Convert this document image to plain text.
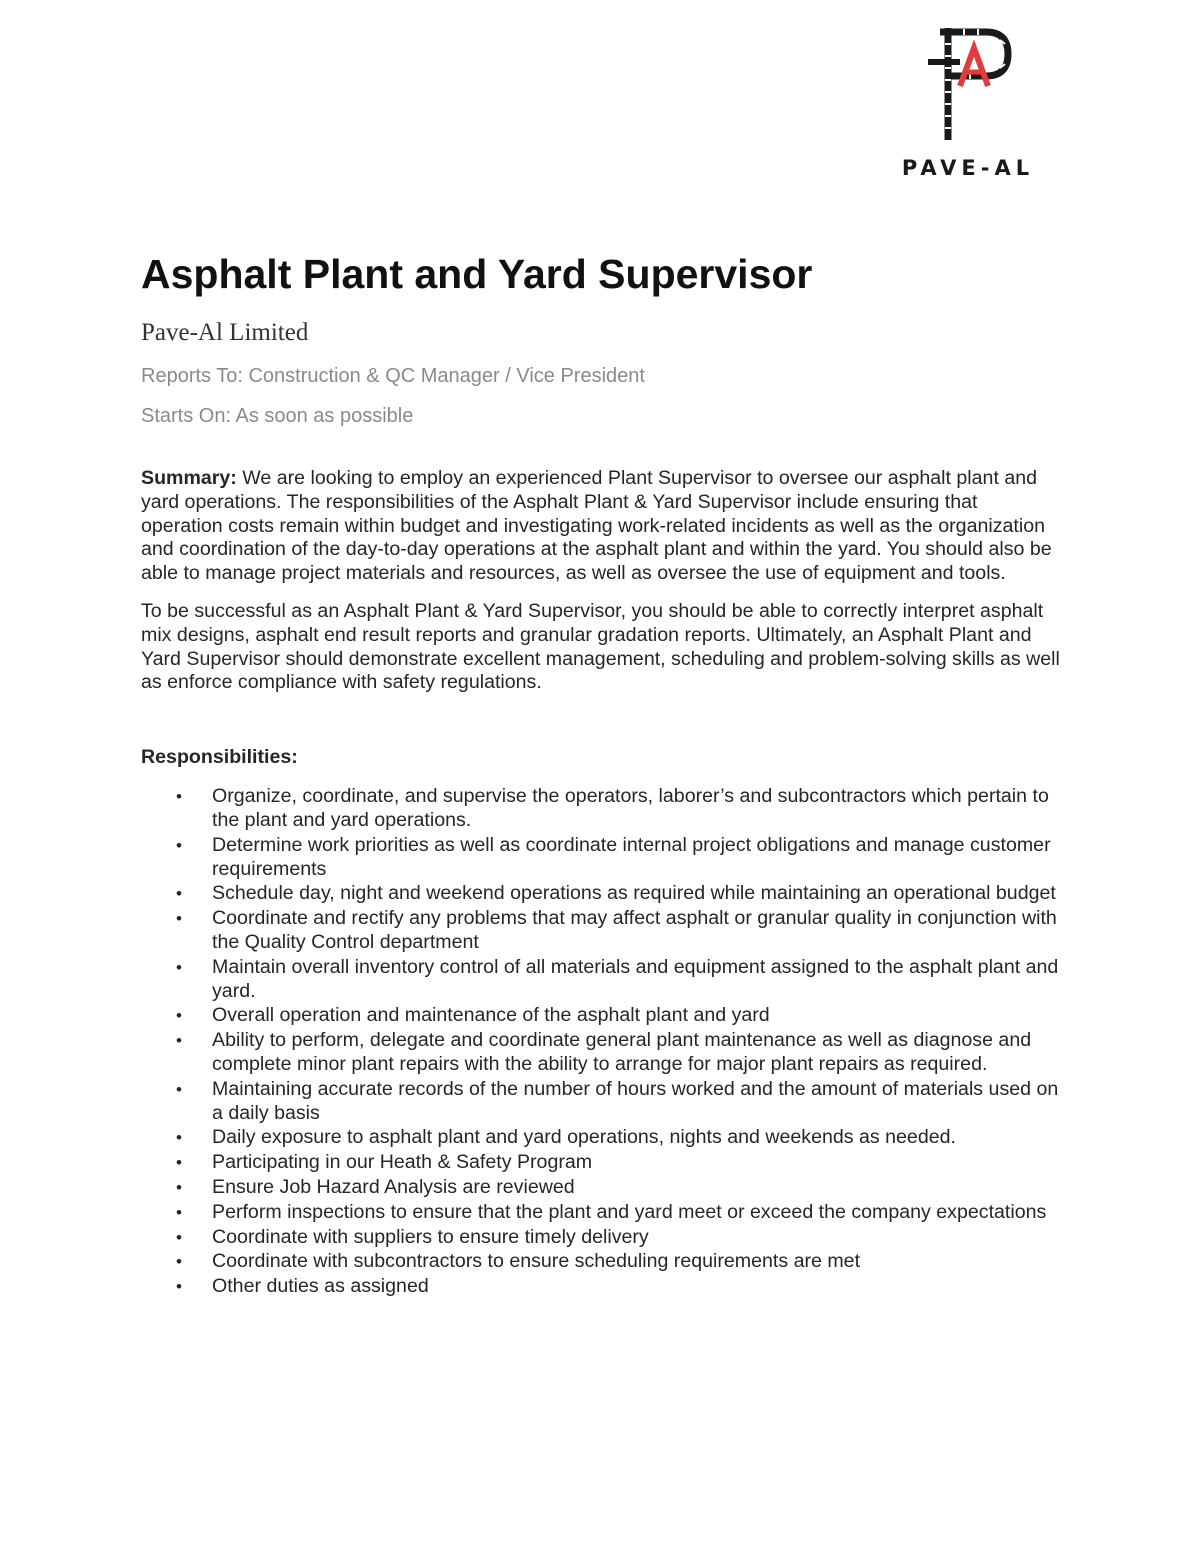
PAVE-AL
Asphalt Plant and Yard Supervisor
Pave-Al Limited
Reports To: Construction & QC Manager / Vice President
Starts On: As soon as possible

Summary: We are looking to employ an experienced Plant Supervisor to oversee our asphalt plant and yard operations. The responsibilities of the Asphalt Plant & Yard Supervisor include ensuring that operation costs remain within budget and investigating work-related incidents as well as the organization and coordination of the day-to-day operations at the asphalt plant and within the yard. You should also be able to manage project materials and resources, as well as oversee the use of equipment and tools.

To be successful as an Asphalt Plant & Yard Supervisor, you should be able to correctly interpret asphalt mix designs, asphalt end result reports and granular gradation reports. Ultimately, an Asphalt Plant and Yard Supervisor should demonstrate excellent management, scheduling and problem-solving skills as well as enforce compliance with safety regulations.

Responsibilities:
•
Organize, coordinate, and supervise the operators, laborer’s and subcontractors which pertain to the plant and yard operations.
•
Determine work priorities as well as coordinate internal project obligations and manage customer requirements
•
Schedule day, night and weekend operations as required while maintaining an operational budget
•
Coordinate and rectify any problems that may affect asphalt or granular quality in conjunction with the Quality Control department
•
Maintain overall inventory control of all materials and equipment assigned to the asphalt plant and yard.
•
Overall operation and maintenance of the asphalt plant and yard
•
Ability to perform, delegate and coordinate general plant maintenance as well as diagnose and complete minor plant repairs with the ability to arrange for major plant repairs as required.
•
Maintaining accurate records of the number of hours worked and the amount of materials used on a daily basis
•
Daily exposure to asphalt plant and yard operations, nights and weekends as needed.
•
Participating in our Heath & Safety Program
•
Ensure Job Hazard Analysis are reviewed
•
Perform inspections to ensure that the plant and yard meet or exceed the company expectations
•
Coordinate with suppliers to ensure timely delivery
•
Coordinate with subcontractors to ensure scheduling requirements are met
•
Other duties as assigned
